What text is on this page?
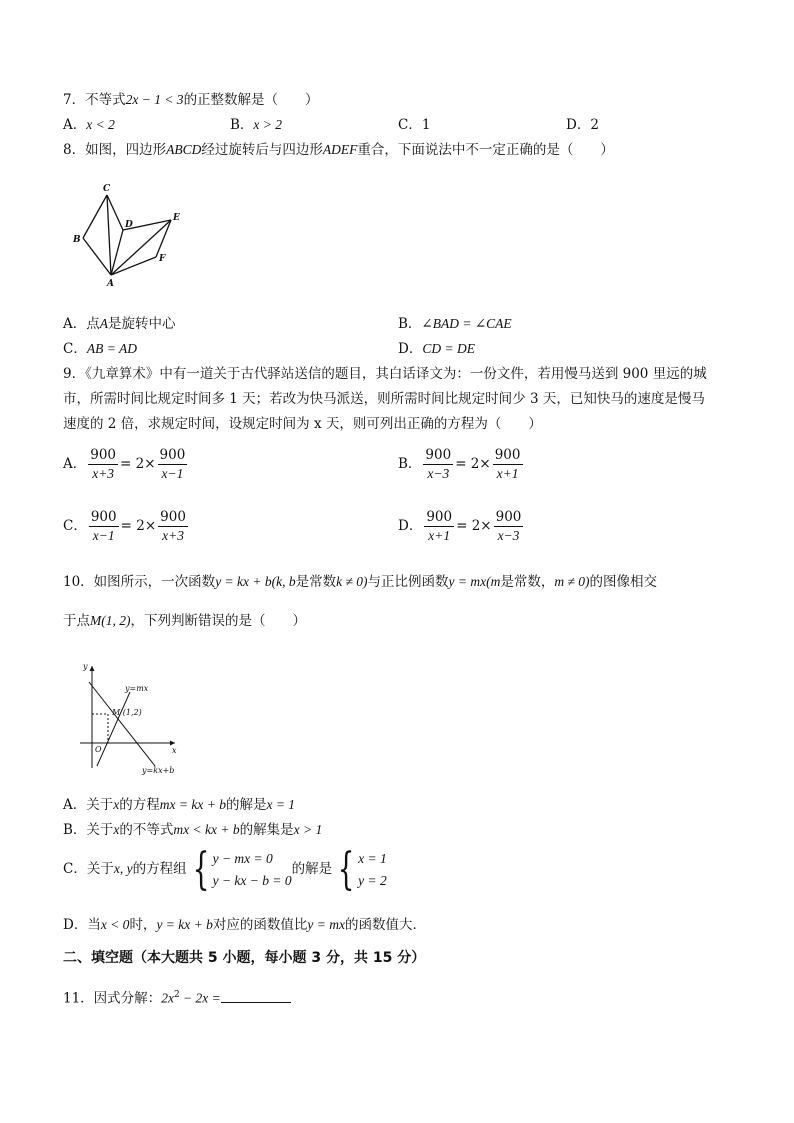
7．不等式2x − 1 < 3的正整数解是（　　）
A．x < 2	B．x > 2	C．1	D．2
8．如图，四边形ABCD经过旋转后与四边形ADEF重合，下面说法中不一定正确的是（　　）
C
B
D
E
F
A
A．点A是旋转中心	B．∠BAD = ∠CAE
C．AB = AD	D．CD = DE
9．《九章算术》中有一道关于古代驿站送信的题目，其白话译文为：一份文件，若用慢马送到 900 里远的城
市，所需时间比规定时间多 1 天；若改为快马派送，则所需时间比规定时间少 3 天，已知快马的速度是慢马
速度的 2 倍，求规定时间，设规定时间为 x 天，则可列出正确的方程为（　　）
A． $\frac{900}{x+3} = 2\times \frac{900}{x-1}$	B． $\frac{900}{x-3} = 2\times \frac{900}{x+1}$
C． $\frac{900}{x-1} = 2\times \frac{900}{x+3}$	D． $\frac{900}{x+1} = 2\times \frac{900}{x-3}$
10．如图所示，一次函数y = kx + b(k, b是常数k ≠ 0)与正比例函数y = mx(m是常数，m ≠ 0)的图像相交
于点M(1, 2)，下列判断错误的是（　　）
y
x
O
y=mx
y=kx+b
M (1,2)
A．关于x的方程mx = kx + b的解是x = 1
B．关于x的不等式mx < kx + b的解集是x > 1
C．关于x, y的方程组 { y − mx = 0
y − kx − b = 0
的解是 { x = 1
y = 2
D．当x < 0时，y = kx + b对应的函数值比y = mx的函数值大．
二、填空题（本大题共 5 小题，每小题 3 分，共 15 分）
11．因式分解：$2x^2 - 2x$ =
